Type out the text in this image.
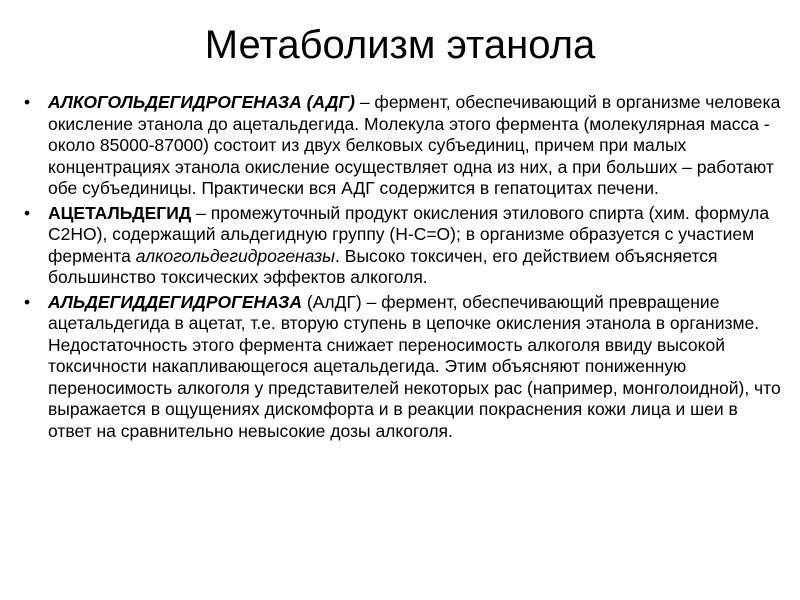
Метаболизм этанола
• АЛКОГОЛЬДЕГИДРОГЕНАЗА (АДГ) – фермент, обеспечивающий в организме человека окисление этанола до ацетальдегида. Молекула этого фермента (молекулярная масса - около 85000-87000) состоит из двух белковых субъединиц, причем при малых концентрациях этанола окисление осуществляет одна из них, а при больших – работают обе субъединицы. Практически вся АДГ содержится в гепатоцитах печени.
• АЦЕТАЛЬДЕГИД – промежуточный продукт окисления этилового спирта (хим. формула C2HO), содержащий альдегидную группу (H-C=O); в организме образуется с участием фермента алкогольдегидрогеназы. Высоко токсичен, его действием объясняется большинство токсических эффектов алкоголя.
• АЛЬДЕГИДДЕГИДРОГЕНАЗА (АлДГ) – фермент, обеспечивающий превращение ацетальдегида в ацетат, т.е. вторую ступень в цепочке окисления этанола в организме. Недостаточность этого фермента снижает переносимость алкоголя ввиду высокой токсичности накапливающегося ацетальдегида. Этим объясняют пониженную переносимость алкоголя у представителей некоторых рас (например, монголоидной), что выражается в ощущениях дискомфорта и в реакции покраснения кожи лица и шеи в ответ на сравнительно невысокие дозы алкоголя.
